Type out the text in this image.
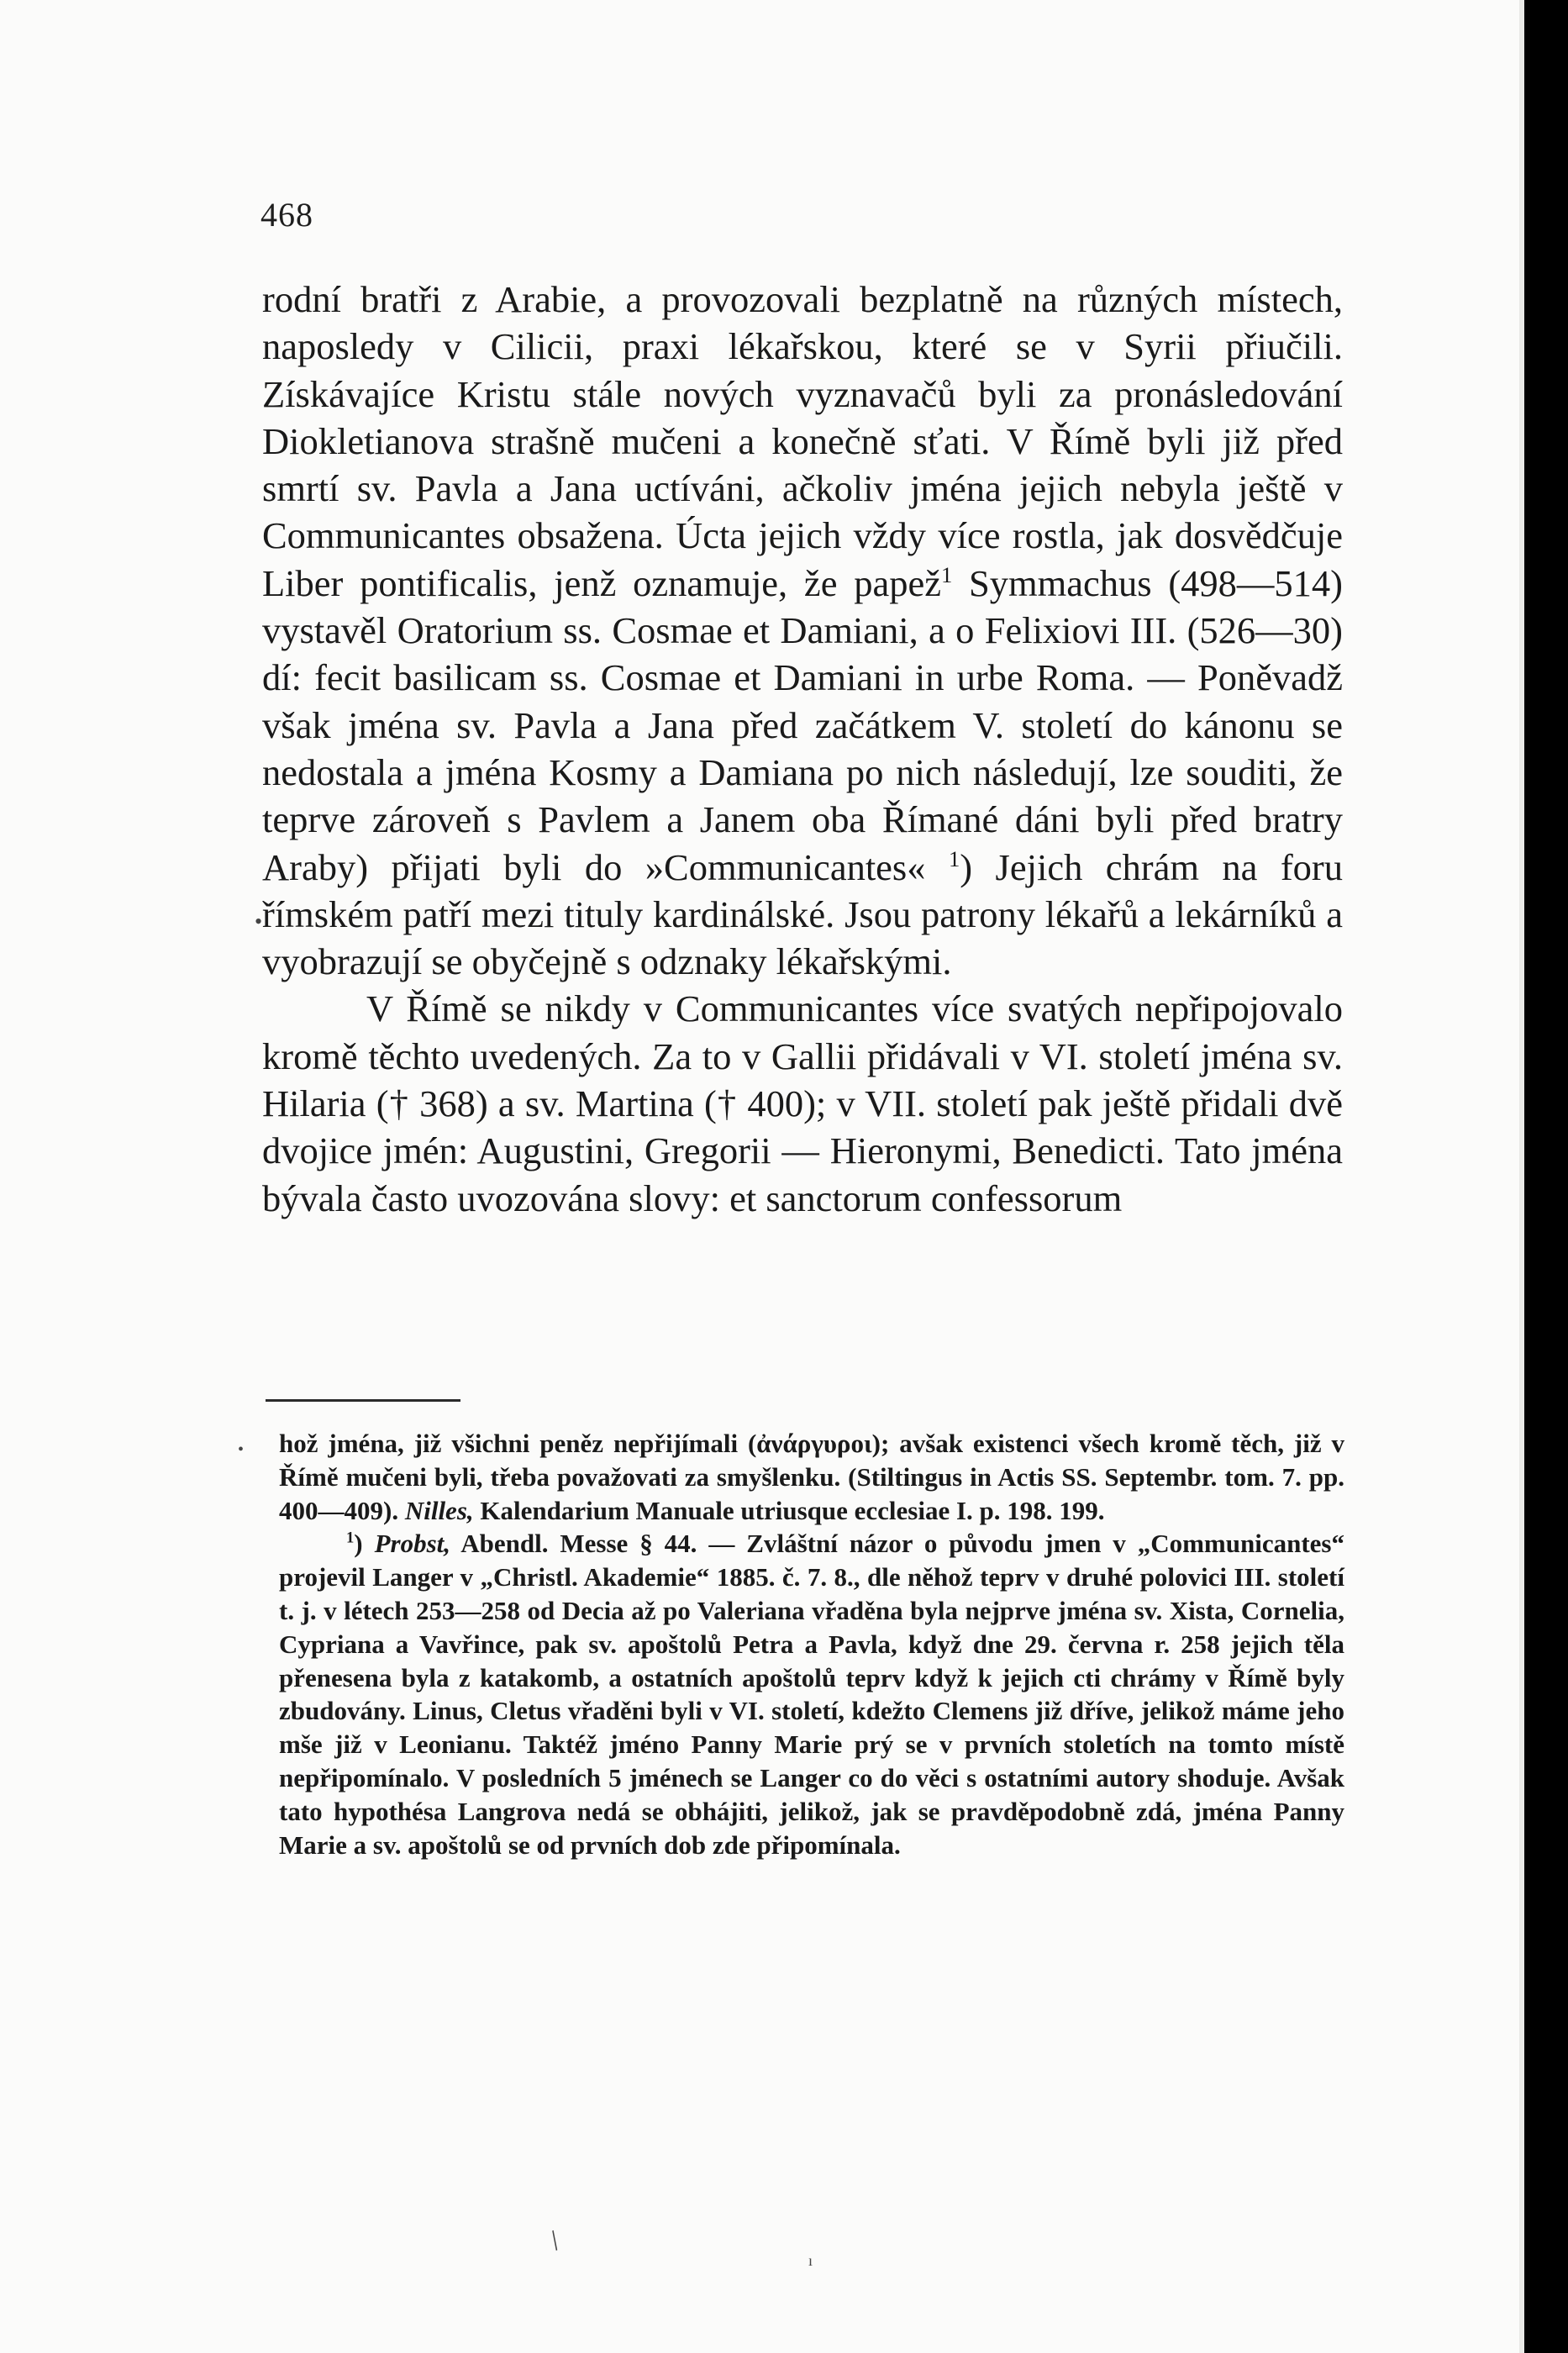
468

rodní bratři z Arabie, a provozovali bezplatně na různých místech, naposledy v Cilicii, praxi lékařskou, které se v Syrii přiučili. Získávajíce Kristu stále nových vyznavačů byli za pronásledování Diokletianova strašně mučeni a konečně sťati. V Římě byli již před smrtí sv. Pavla a Jana uctíváni, ačkoliv jména jejich nebyla ještě v Communicantes obsažena. Úcta jejich vždy více rostla, jak dosvědčuje Liber pontificalis, jenž oznamuje, že papež$^1$ Symmachus (498—514) vystavěl Oratorium ss. Cosmae et Damiani, a o Felixiovi III. (526—30) dí: fecit basilicam ss. Cosmae et Damiani in urbe Roma. — Poněvadž však jména sv. Pavla a Jana před začátkem V. století do kánonu se nedostala a jména Kosmy a Damiana po nich následují, lze souditi, že teprve zároveň s Pavlem a Janem oba Římané dáni byli před bratry Araby) přijati byli do »Communicantes« $^1$) Jejich chrám na foru římském patří mezi tituly kardinálské. Jsou patrony lékařů a lekárníků a vyobrazují se obyčejně s odznaky lékařskými.

V Římě se nikdy v Communicantes více svatých nepřipojovalo kromě těchto uvedených. Za to v Gallii přidávali v VI. století jména sv. Hilaria († 368) a sv. Martina († 400); v VII. století pak ještě přidali dvě dvojice jmén: Augustini, Gregorii — Hieronymi, Benedicti. Tato jména bývala často uvozována slovy: et sanctorum confessorum

hož jména, již všichni peněz nepřijímali (ἀνάργυροι); avšak existenci všech kromě těch, již v Římě mučeni byli, třeba považovati za smyšlenku. (Stiltingus in Actis SS. Septembr. tom. 7. pp. 400—409). Nilles, Kalendarium Manuale utriusque ecclesiae I. p. 198. 199.

$^1$) Probst, Abendl. Messe § 44. — Zvláštní názor o původu jmen v „Communicantes“ projevil Langer v „Christl. Akademie“ 1885. č. 7. 8., dle něhož teprv v druhé polovici III. století t. j. v létech 253—258 od Decia až po Valeriana vřaděna byla nejprve jména sv. Xista, Cornelia, Cypriana a Vavřince, pak sv. apoštolů Petra a Pavla, když dne 29. června r. 258 jejich těla přenesena byla z katakomb, a ostatních apoštolů teprv když k jejich cti chrámy v Římě byly zbudovány. Linus, Cletus vřaděni byli v VI. století, kdežto Clemens již dříve, jelikož máme jeho mše již v Leonianu. Taktéž jméno Panny Marie prý se v prvních stoletích na tomto místě nepřipomínalo. V posledních 5 jménech se Langer co do věci s ostatními autory shoduje. Avšak tato hypothésa Langrova nedá se obhájiti, jelikož, jak se pravděpodobně zdá, jména Panny Marie a sv. apoštolů se od prvních dob zde připomínala.

•
•
/
ı
